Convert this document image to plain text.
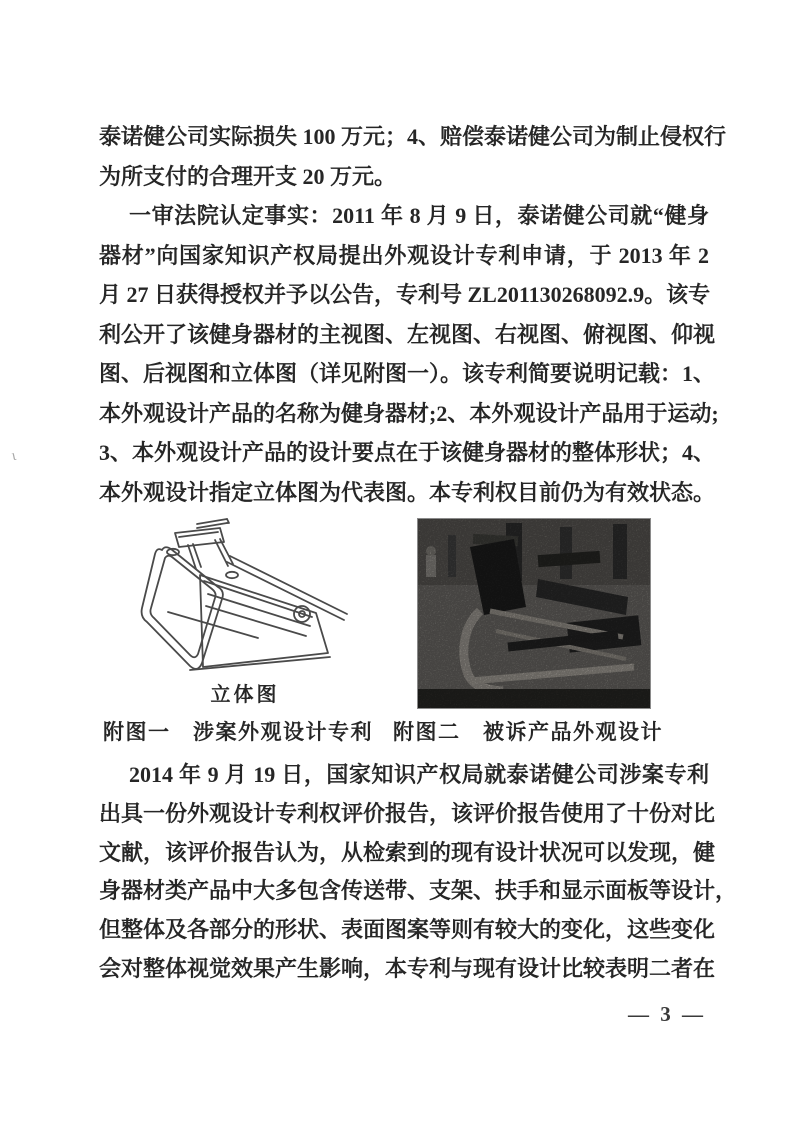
ι
泰诺健公司实际损失 100 万元；4、赔偿泰诺健公司为制止侵权行
为所支付的合理开支 20 万元。
一审法院认定事实：2011 年 8 月 9 日，泰诺健公司就“健身
器材”向国家知识产权局提出外观设计专利申请，于 2013 年 2
月 27 日获得授权并予以公告，专利号 ZL201130268092.9。该专
利公开了该健身器材的主视图、左视图、右视图、俯视图、仰视
图、后视图和立体图（详见附图一）。该专利简要说明记载：1、
本外观设计产品的名称为健身器材;2、本外观设计产品用于运动;
3、本外观设计产品的设计要点在于该健身器材的整体形状；4、
本外观设计指定立体图为代表图。本专利权目前仍为有效状态。
立体图
附图一　涉案外观设计专利 附图二　被诉产品外观设计
2014 年 9 月 19 日，国家知识产权局就泰诺健公司涉案专利
出具一份外观设计专利权评价报告，该评价报告使用了十份对比
文献，该评价报告认为，从检索到的现有设计状况可以发现，健
身器材类产品中大多包含传送带、支架、扶手和显示面板等设计，
但整体及各部分的形状、表面图案等则有较大的变化，这些变化
会对整体视觉效果产生影响，本专利与现有设计比较表明二者在
— 3 —
